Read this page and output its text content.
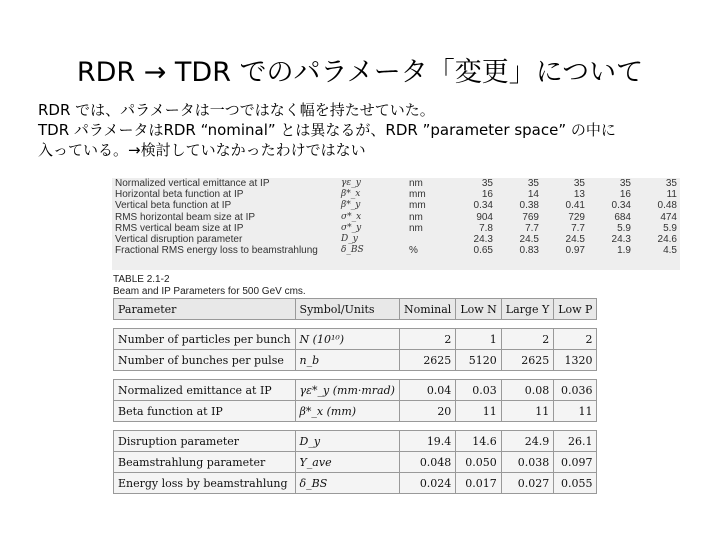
RDR → TDR でのパラメータ「変更」について
RDR では、パラメータは一つではなく幅を持たせていた。
TDR パラメータはRDR “nominal” とは異なるが、RDR ”parameter space” の中に
入っている。→検討していなかったわけではない
Normalized vertical emittance at IP	γε_y	nm	35	35	35	35	35
Horizontal beta function at IP	β*_x	mm	16	14	13	16	11
Vertical beta function at IP	β*_y	mm	0.34	0.38	0.41	0.34	0.48
RMS horizontal beam size at IP	σ*_x	nm	904	769	729	684	474
RMS vertical beam size at IP	σ*_y	nm	7.8	7.7	7.7	5.9	5.9
Vertical disruption parameter	D_y		24.3	24.5	24.5	24.3	24.6
Fractional RMS energy loss to beamstrahlung	δ_BS	%	0.65	0.83	0.97	1.9	4.5
TABLE 2.1-2
Beam and IP Parameters for 500 GeV cms.
Parameter	Symbol/Units	Nominal	Low N	Large Y	Low P

Number of particles per bunch	N (10¹⁰)	2	1	2	2
Number of bunches per pulse	n_b	2625	5120	2625	1320

Normalized emittance at IP	γε*_y (mm·mrad)	0.04	0.03	0.08	0.036
Beta function at IP	β*_x (mm)	20	11	11	11

Disruption parameter	D_y	19.4	14.6	24.9	26.1
Beamstrahlung parameter	Υ_ave	0.048	0.050	0.038	0.097
Energy loss by beamstrahlung	δ_BS	0.024	0.017	0.027	0.055
